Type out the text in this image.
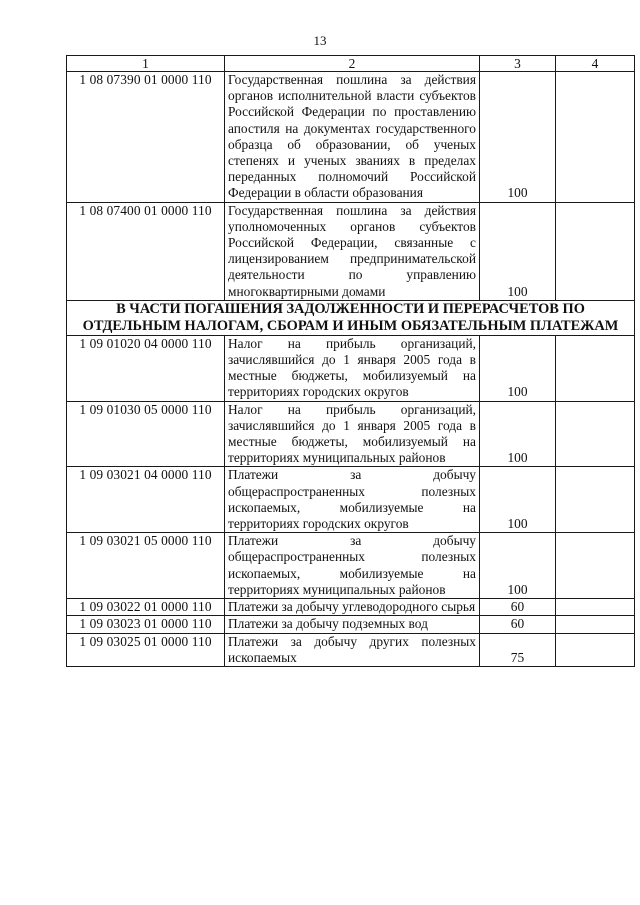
13
1	2	3	4
1 08 07390 01 0000 110	Государственная пошлина за действия органов исполнительной власти субъектов Российской Федерации по проставлению апостиля на документах государственного образца об образовании, об ученых степенях и ученых званиях в пределах переданных полномочий Российской Федерации в области образования	100	
1 08 07400 01 0000 110	Государственная пошлина за действия уполномоченных органов субъектов Российской Федерации, связанные с лицензированием предпринимательской деятельности по управлению многоквартирными домами	100	
В ЧАСТИ ПОГАШЕНИЯ ЗАДОЛЖЕННОСТИ И ПЕРЕРАСЧЕТОВ ПО ОТДЕЛЬНЫМ НАЛОГАМ, СБОРАМ И ИНЫМ ОБЯЗАТЕЛЬНЫМ ПЛАТЕЖАМ			
1 09 01020 04 0000 110	Налог на прибыль организаций, зачислявшийся до 1 января 2005 года в местные бюджеты, мобилизуемый на территориях городских округов	100	
1 09 01030 05 0000 110	Налог на прибыль организаций, зачислявшийся до 1 января 2005 года в местные бюджеты, мобилизуемый на территориях муниципальных районов	100	
1 09 03021 04 0000 110	Платежи за добычу общераспространенных полезных ископаемых, мобилизуемые на территориях городских округов	100	
1 09 03021 05 0000 110	Платежи за добычу общераспространенных полезных ископаемых, мобилизуемые на территориях муниципальных районов	100	
1 09 03022 01 0000 110	Платежи за добычу углеводородного сырья	60	
1 09 03023 01 0000 110	Платежи за добычу подземных вод	60	
1 09 03025 01 0000 110	Платежи за добычу других полезных ископаемых	75	
